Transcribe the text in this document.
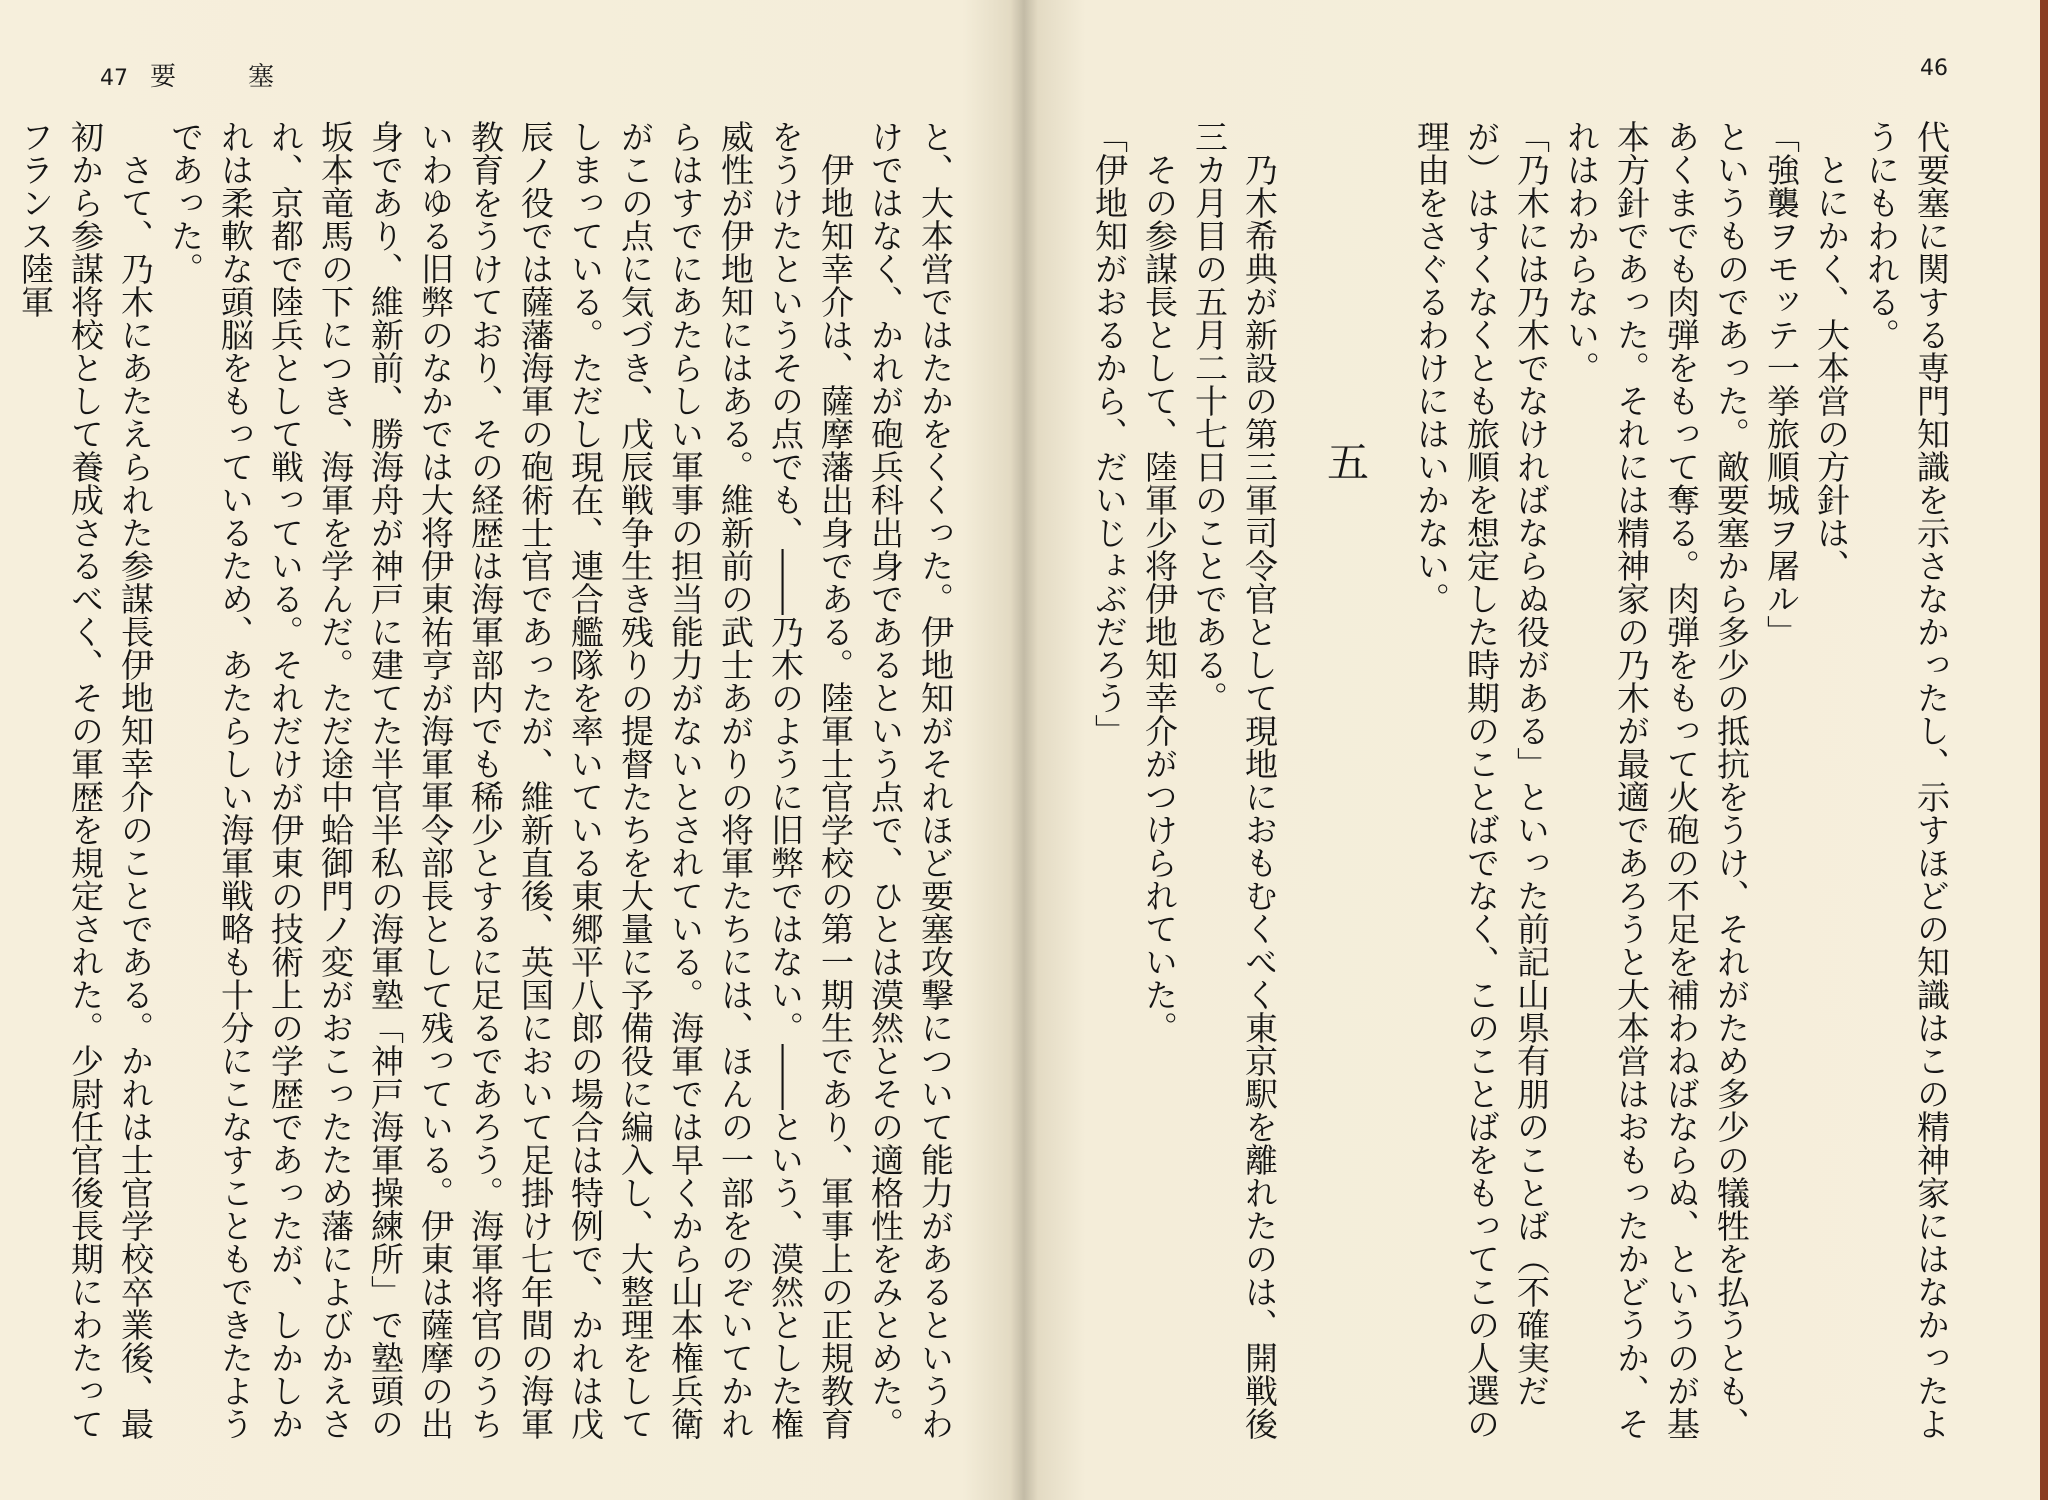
47 要塞

と、大本営ではたかをくくった。伊地知がそれほど要塞攻撃について能力があるというわけではなく、かれが砲兵科出身であるという点で、ひとは漠然とその適格性をみとめた。

伊地知幸介は、薩摩藩出身である。陸軍士官学校の第一期生であり、軍事上の正規教育をうけたというその点でも、――乃木のように旧弊ではない。――という、漠然とした権威性が伊地知にはある。維新前の武士あがりの将軍たちには、ほんの一部をのぞいてかれらはすでにあたらしい軍事の担当能力がないとされている。海軍では早くから山本権兵衛がこの点に気づき、戊辰戦争生き残りの提督たちを大量に予備役に編入し、大整理をしてしまっている。ただし現在、連合艦隊を率いている東郷平八郎の場合は特例で、かれは戊辰ノ役では薩藩海軍の砲術士官であったが、維新直後、英国において足掛け七年間の海軍教育をうけており、その経歴は海軍部内でも稀少とするに足るであろう。海軍将官のうちいわゆる旧弊のなかでは大将伊東祐亨が海軍軍令部長として残っている。伊東は薩摩の出身であり、維新前、勝海舟が神戸に建てた半官半私の海軍塾「神戸海軍操練所」で塾頭の坂本竜馬の下につき、海軍を学んだ。ただ途中蛤御門ノ変がおこったため藩によびかえされ、京都で陸兵として戦っている。それだけが伊東の技術上の学歴であったが、しかしかれは柔軟な頭脳をもっているため、あたらしい海軍戦略も十分にこなすこともできたようであった。

さて、乃木にあたえられた参謀長伊地知幸介のことである。かれは士官学校卒業後、最初から参謀将校として養成さるべく、その軍歴を規定された。少尉任官後長期にわたってフランス陸軍

46

代要塞に関する専門知識を示さなかったし、示すほどの知識はこの精神家にはなかったようにもわれる。

とにかく、大本営の方針は、

「強襲ヲモッテ一挙旅順城ヲ屠ル」

というものであった。敵要塞から多少の抵抗をうけ、それがため多少の犠牲を払うとも、あくまでも肉弾をもって奪る。肉弾をもって火砲の不足を補わねばならぬ、というのが基本方針であった。それには精神家の乃木が最適であろうと大本営はおもったかどうか、それはわからない。

「乃木には乃木でなければならぬ役がある」といった前記山県有朋のことば（不確実だが）はすくなくとも旅順を想定した時期のことばでなく、このことばをもってこの人選の理由をさぐるわけにはいかない。

五

乃木希典が新設の第三軍司令官として現地におもむくべく東京駅を離れたのは、開戦後三カ月目の五月二十七日のことである。

その参謀長として、陸軍少将伊地知幸介がつけられていた。

「伊地知がおるから、だいじょぶだろう」
